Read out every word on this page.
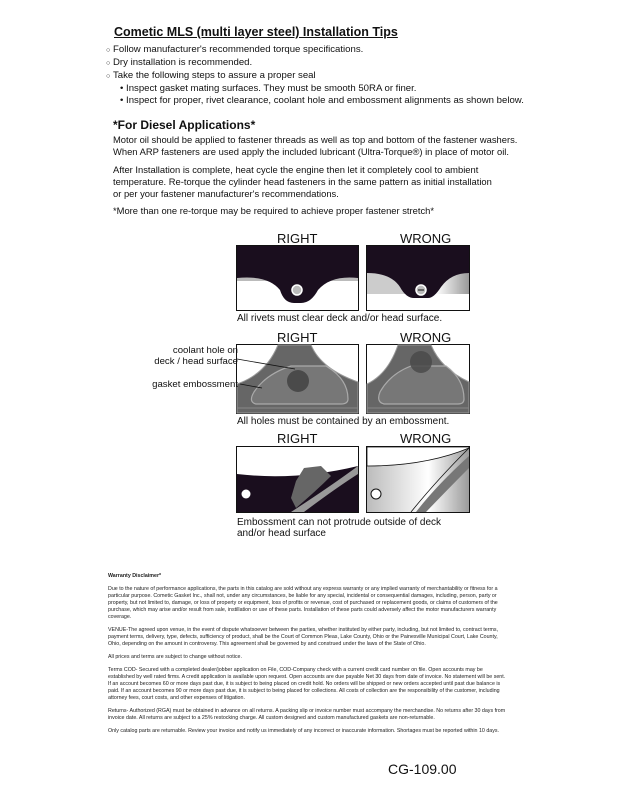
Cometic MLS (multi layer steel) Installation Tips
○ Follow manufacturer's recommended torque specifications.
○ Dry installation is recommended.
○ Take the following steps to assure a proper seal
• Inspect gasket mating surfaces. They must be smooth 50RA or finer.
• Inspect for proper, rivet clearance, coolant hole and embossment alignments as shown below.
*For Diesel Applications*
Motor oil should be applied to fastener threads as well as top and bottom of the fastener washers.
When ARP fasteners are used apply the included lubricant (Ultra-Torque®) in place of motor oil.
After Installation is complete, heat cycle the engine then let it completely cool to ambient
temperature. Re-torque the cylinder head fasteners in the same pattern as initial installation
or per your fastener manufacturer's recommendations.
*More than one re-torque may be required to achieve proper fastener stretch*
RIGHT	WRONG
All rivets must clear deck and/or head surface.
RIGHT	WRONG
coolant hole on
deck / head surface
gasket embossment
All holes must be contained by an embossment.
RIGHT	WRONG
Embossment can not protrude outside of deck
and/or head surface

Warranty Disclaimer*

Due to the nature of performance applications, the parts in this catalog are sold without any express warranty or any implied warranty of merchantability or fitness for a particular purpose. Cometic Gasket Inc., shall not, under any circumstances, be liable for any special, incidental or consequential damages, including, person, party or property, but not limited to, damage, or loss of property or equipment, loss of profits or revenue, cost of purchased or replacement goods, or claims of customers of the purchase, which may arise and/or result from sale, instillation or use of these parts. Installation of these parts could adversely affect the motor manufacturers warranty coverage.

VENUE-The agreed upon venue, in the event of dispute whatsoever between the parties, whether instituted by either party, including, but not limited to, contract terms, payment terms, delivery, type, defects, sufficiency of product, shall be the Court of Common Pleas, Lake County, Ohio or the Painesville Municipal Court, Lake County, Ohio, depending on the amount in controversy. This agreement shall be governed by and construed under the laws of the State of Ohio.

All prices and terms are subject to change without notice.

Terms COD- Secured with a completed dealer/jobber application on File, COD-Company check with a current credit card number on file. Open accounts may be established by well rated firms. A credit application is available upon request. Open accounts are due payable Net 30 days from date of invoice. No statement will be sent. If an account becomes 60 or more days past due, it is subject to being placed on credit hold. No orders will be shipped or new orders accepted until past due balance is paid. If an account becomes 90 or more days past due, it is subject to being placed for collections. All costs of collection are the responsibility of the customer, including attorney fees, court costs, and other expenses of litigation.

Returns- Authorized (RGA) must be obtained in advance on all returns. A packing slip or invoice number must accompany the merchandise. No returns after 30 days from invoice date. All returns are subject to a 25% restocking charge. All custom designed and custom manufactured gaskets are non-returnable.

Only catalog parts are returnable. Review your invoice and notify us immediately of any incorrect or inaccurate information. Shortages must be reported within 10 days.

CG-109.00
